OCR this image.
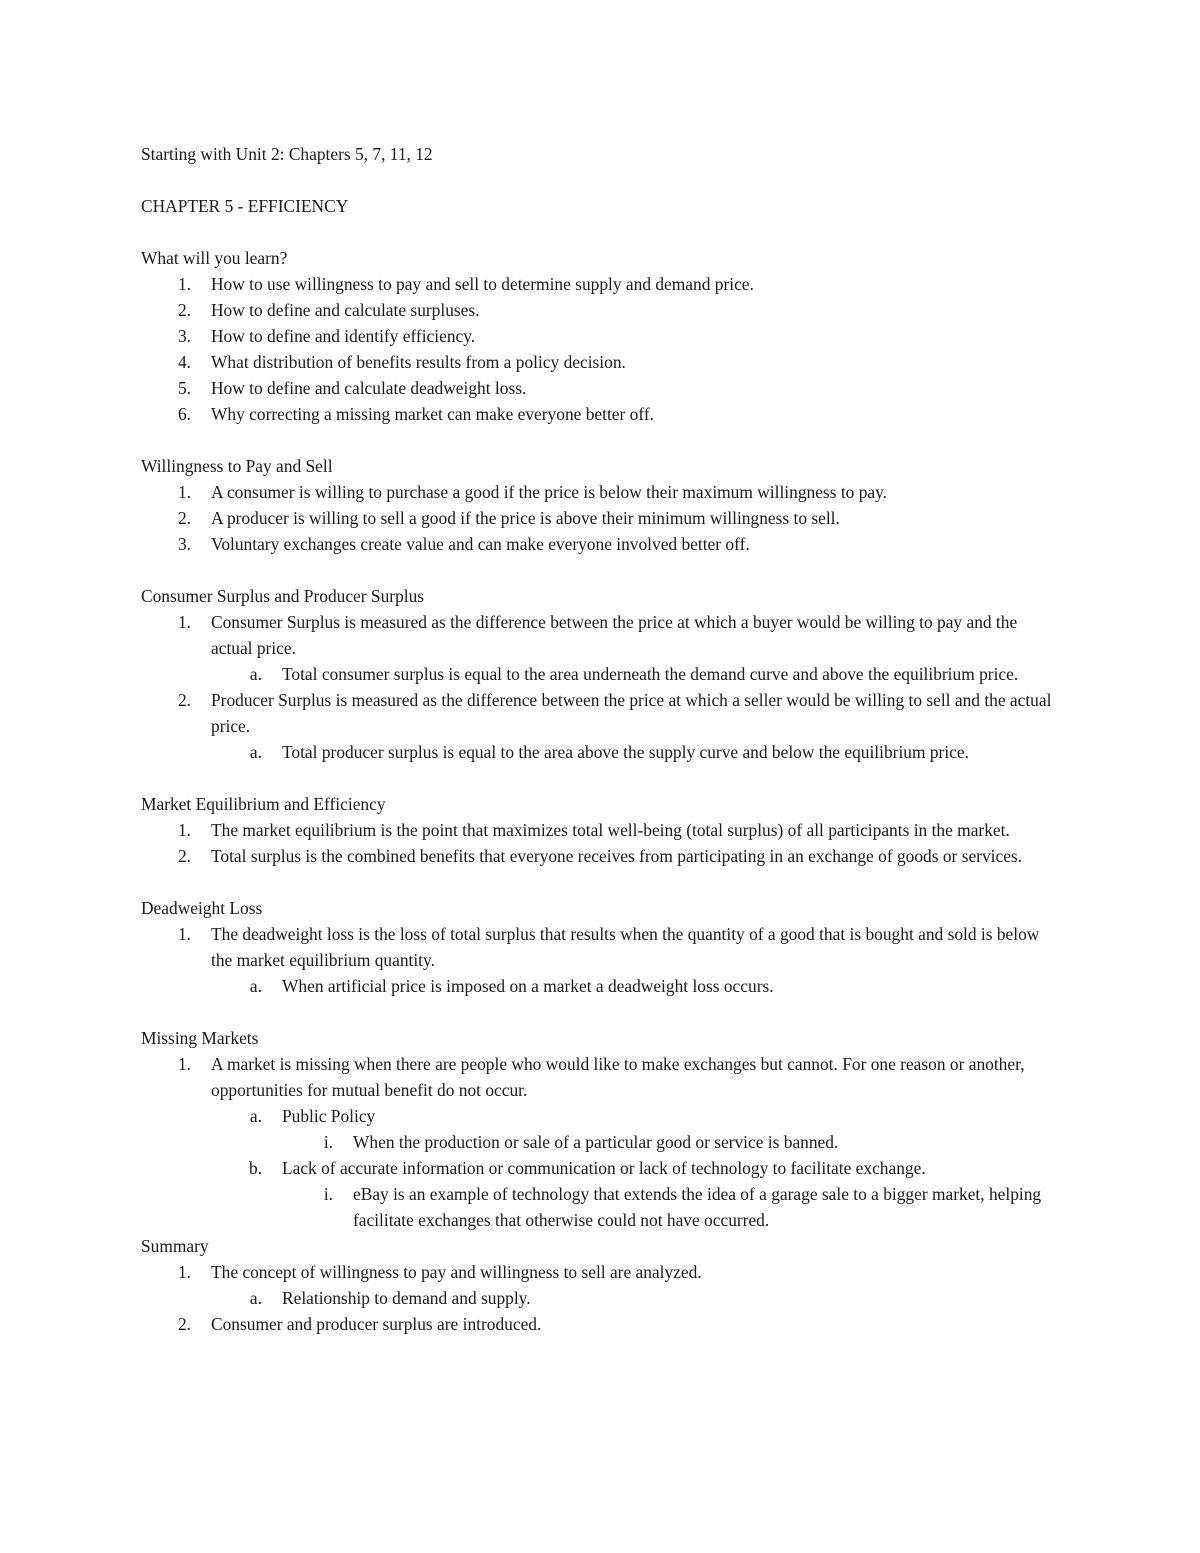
Starting with Unit 2: Chapters 5, 7, 11, 12

CHAPTER 5 - EFFICIENCY

What will you learn?

1. How to use willingness to pay and sell to determine supply and demand price.
2. How to define and calculate surpluses.
3. How to define and identify efficiency.
4. What distribution of benefits results from a policy decision.
5. How to define and calculate deadweight loss.
6. Why correcting a missing market can make everyone better off.

Willingness to Pay and Sell

1. A consumer is willing to purchase a good if the price is below their maximum willingness to pay.
2. A producer is willing to sell a good if the price is above their minimum willingness to sell.
3. Voluntary exchanges create value and can make everyone involved better off.

Consumer Surplus and Producer Surplus

1. Consumer Surplus is measured as the difference between the price at which a buyer would be willing to pay and the actual price.
a. Total consumer surplus is equal to the area underneath the demand curve and above the equilibrium price.
2. Producer Surplus is measured as the difference between the price at which a seller would be willing to sell and the actual price.
a. Total producer surplus is equal to the area above the supply curve and below the equilibrium price.

Market Equilibrium and Efficiency

1. The market equilibrium is the point that maximizes total well-being (total surplus) of all participants in the market.
2. Total surplus is the combined benefits that everyone receives from participating in an exchange of goods or services.

Deadweight Loss

1. The deadweight loss is the loss of total surplus that results when the quantity of a good that is bought and sold is below the market equilibrium quantity.
a. When artificial price is imposed on a market a deadweight loss occurs.

Missing Markets

1. A market is missing when there are people who would like to make exchanges but cannot. For one reason or another, opportunities for mutual benefit do not occur.
a. Public Policy
i. When the production or sale of a particular good or service is banned.
b. Lack of accurate information or communication or lack of technology to facilitate exchange.
i. eBay is an example of technology that extends the idea of a garage sale to a bigger market, helping facilitate exchanges that otherwise could not have occurred.

Summary

1. The concept of willingness to pay and willingness to sell are analyzed.
a. Relationship to demand and supply.
2. Consumer and producer surplus are introduced.
